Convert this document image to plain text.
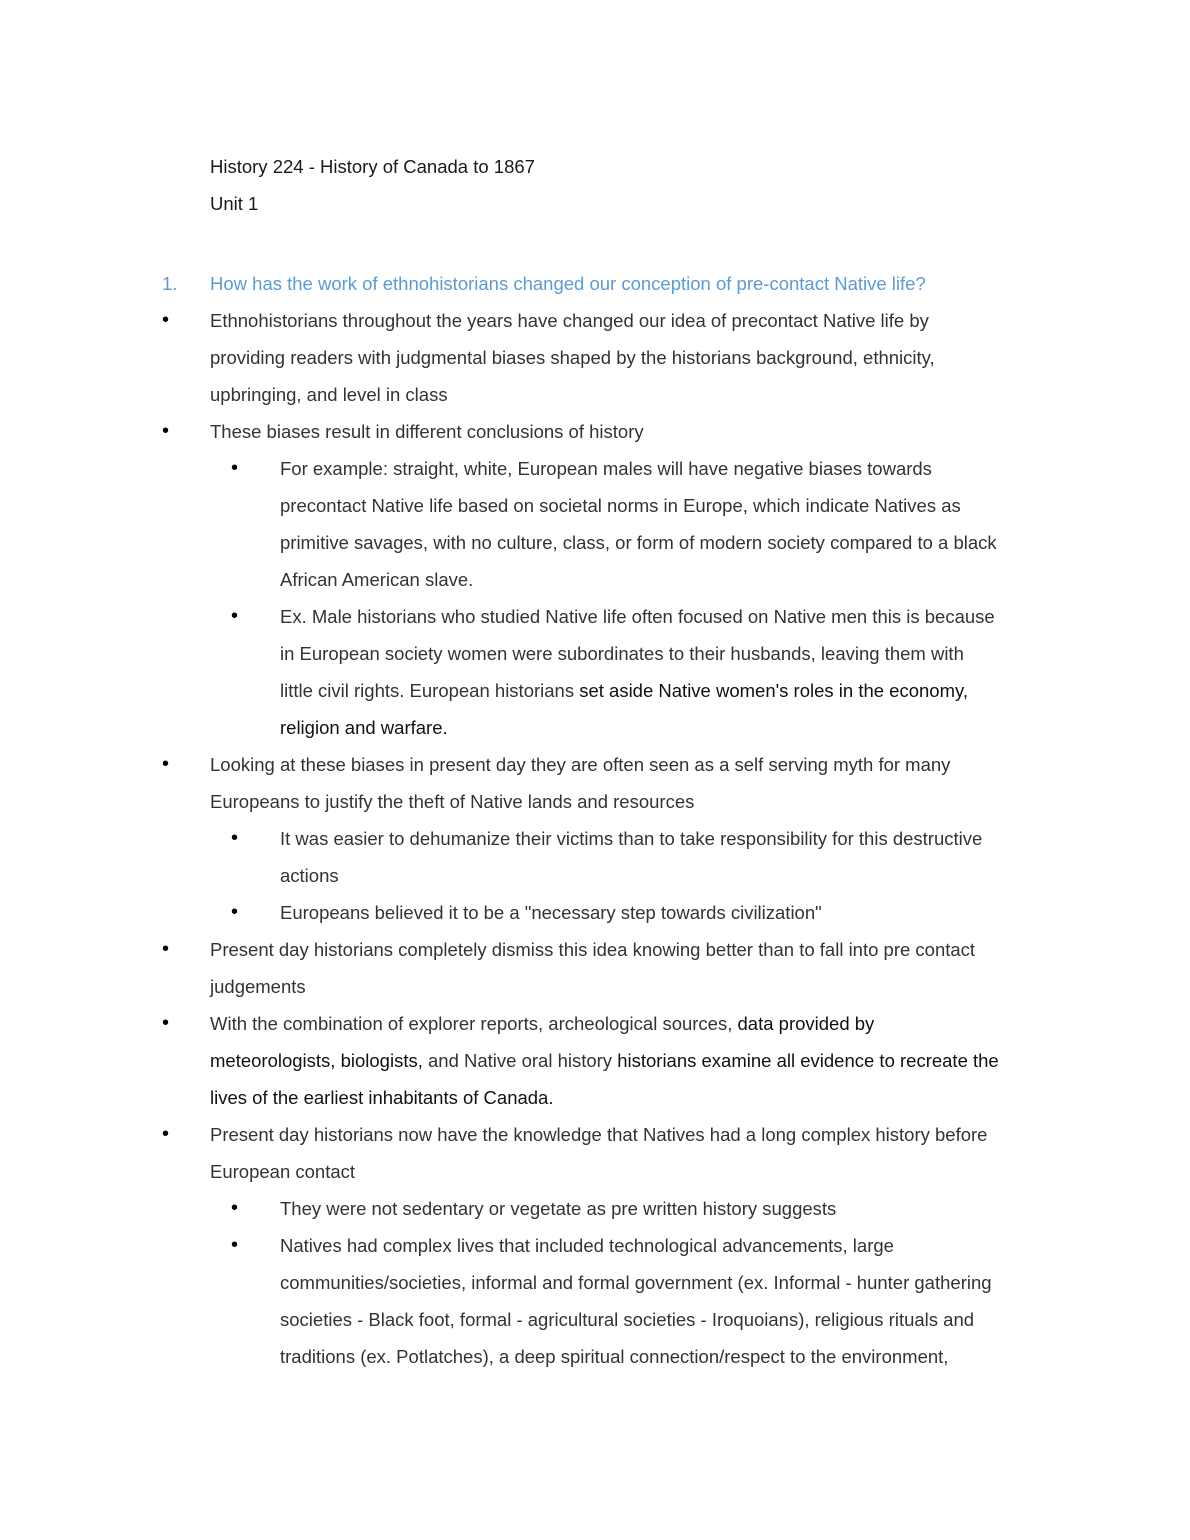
History 224 - History of Canada to 1867
Unit 1
1. How has the work of ethnohistorians changed our conception of pre-contact Native life?
• Ethnohistorians throughout the years have changed our idea of precontact Native life by
providing readers with judgmental biases shaped by the historians background, ethnicity,
upbringing, and level in class
• These biases result in different conclusions of history
• For example: straight, white, European males will have negative biases towards
precontact Native life based on societal norms in Europe, which indicate Natives as
primitive savages, with no culture, class, or form of modern society compared to a black
African American slave.
• Ex. Male historians who studied Native life often focused on Native men this is because
in European society women were subordinates to their husbands, leaving them with
little civil rights. European historians set aside Native women's roles in the economy,
religion and warfare.
• Looking at these biases in present day they are often seen as a self serving myth for many
Europeans to justify the theft of Native lands and resources
• It was easier to dehumanize their victims than to take responsibility for this destructive
actions
• Europeans believed it to be a "necessary step towards civilization"
• Present day historians completely dismiss this idea knowing better than to fall into pre contact
judgements
• With the combination of explorer reports, archeological sources, data provided by
meteorologists, biologists, and Native oral history historians examine all evidence to recreate the
lives of the earliest inhabitants of Canada.
• Present day historians now have the knowledge that Natives had a long complex history before
European contact
• They were not sedentary or vegetate as pre written history suggests
• Natives had complex lives that included technological advancements, large
communities/societies, informal and formal government (ex. Informal - hunter gathering
societies - Black foot, formal - agricultural societies - Iroquoians), religious rituals and
traditions (ex. Potlatches), a deep spiritual connection/respect to the environment,
